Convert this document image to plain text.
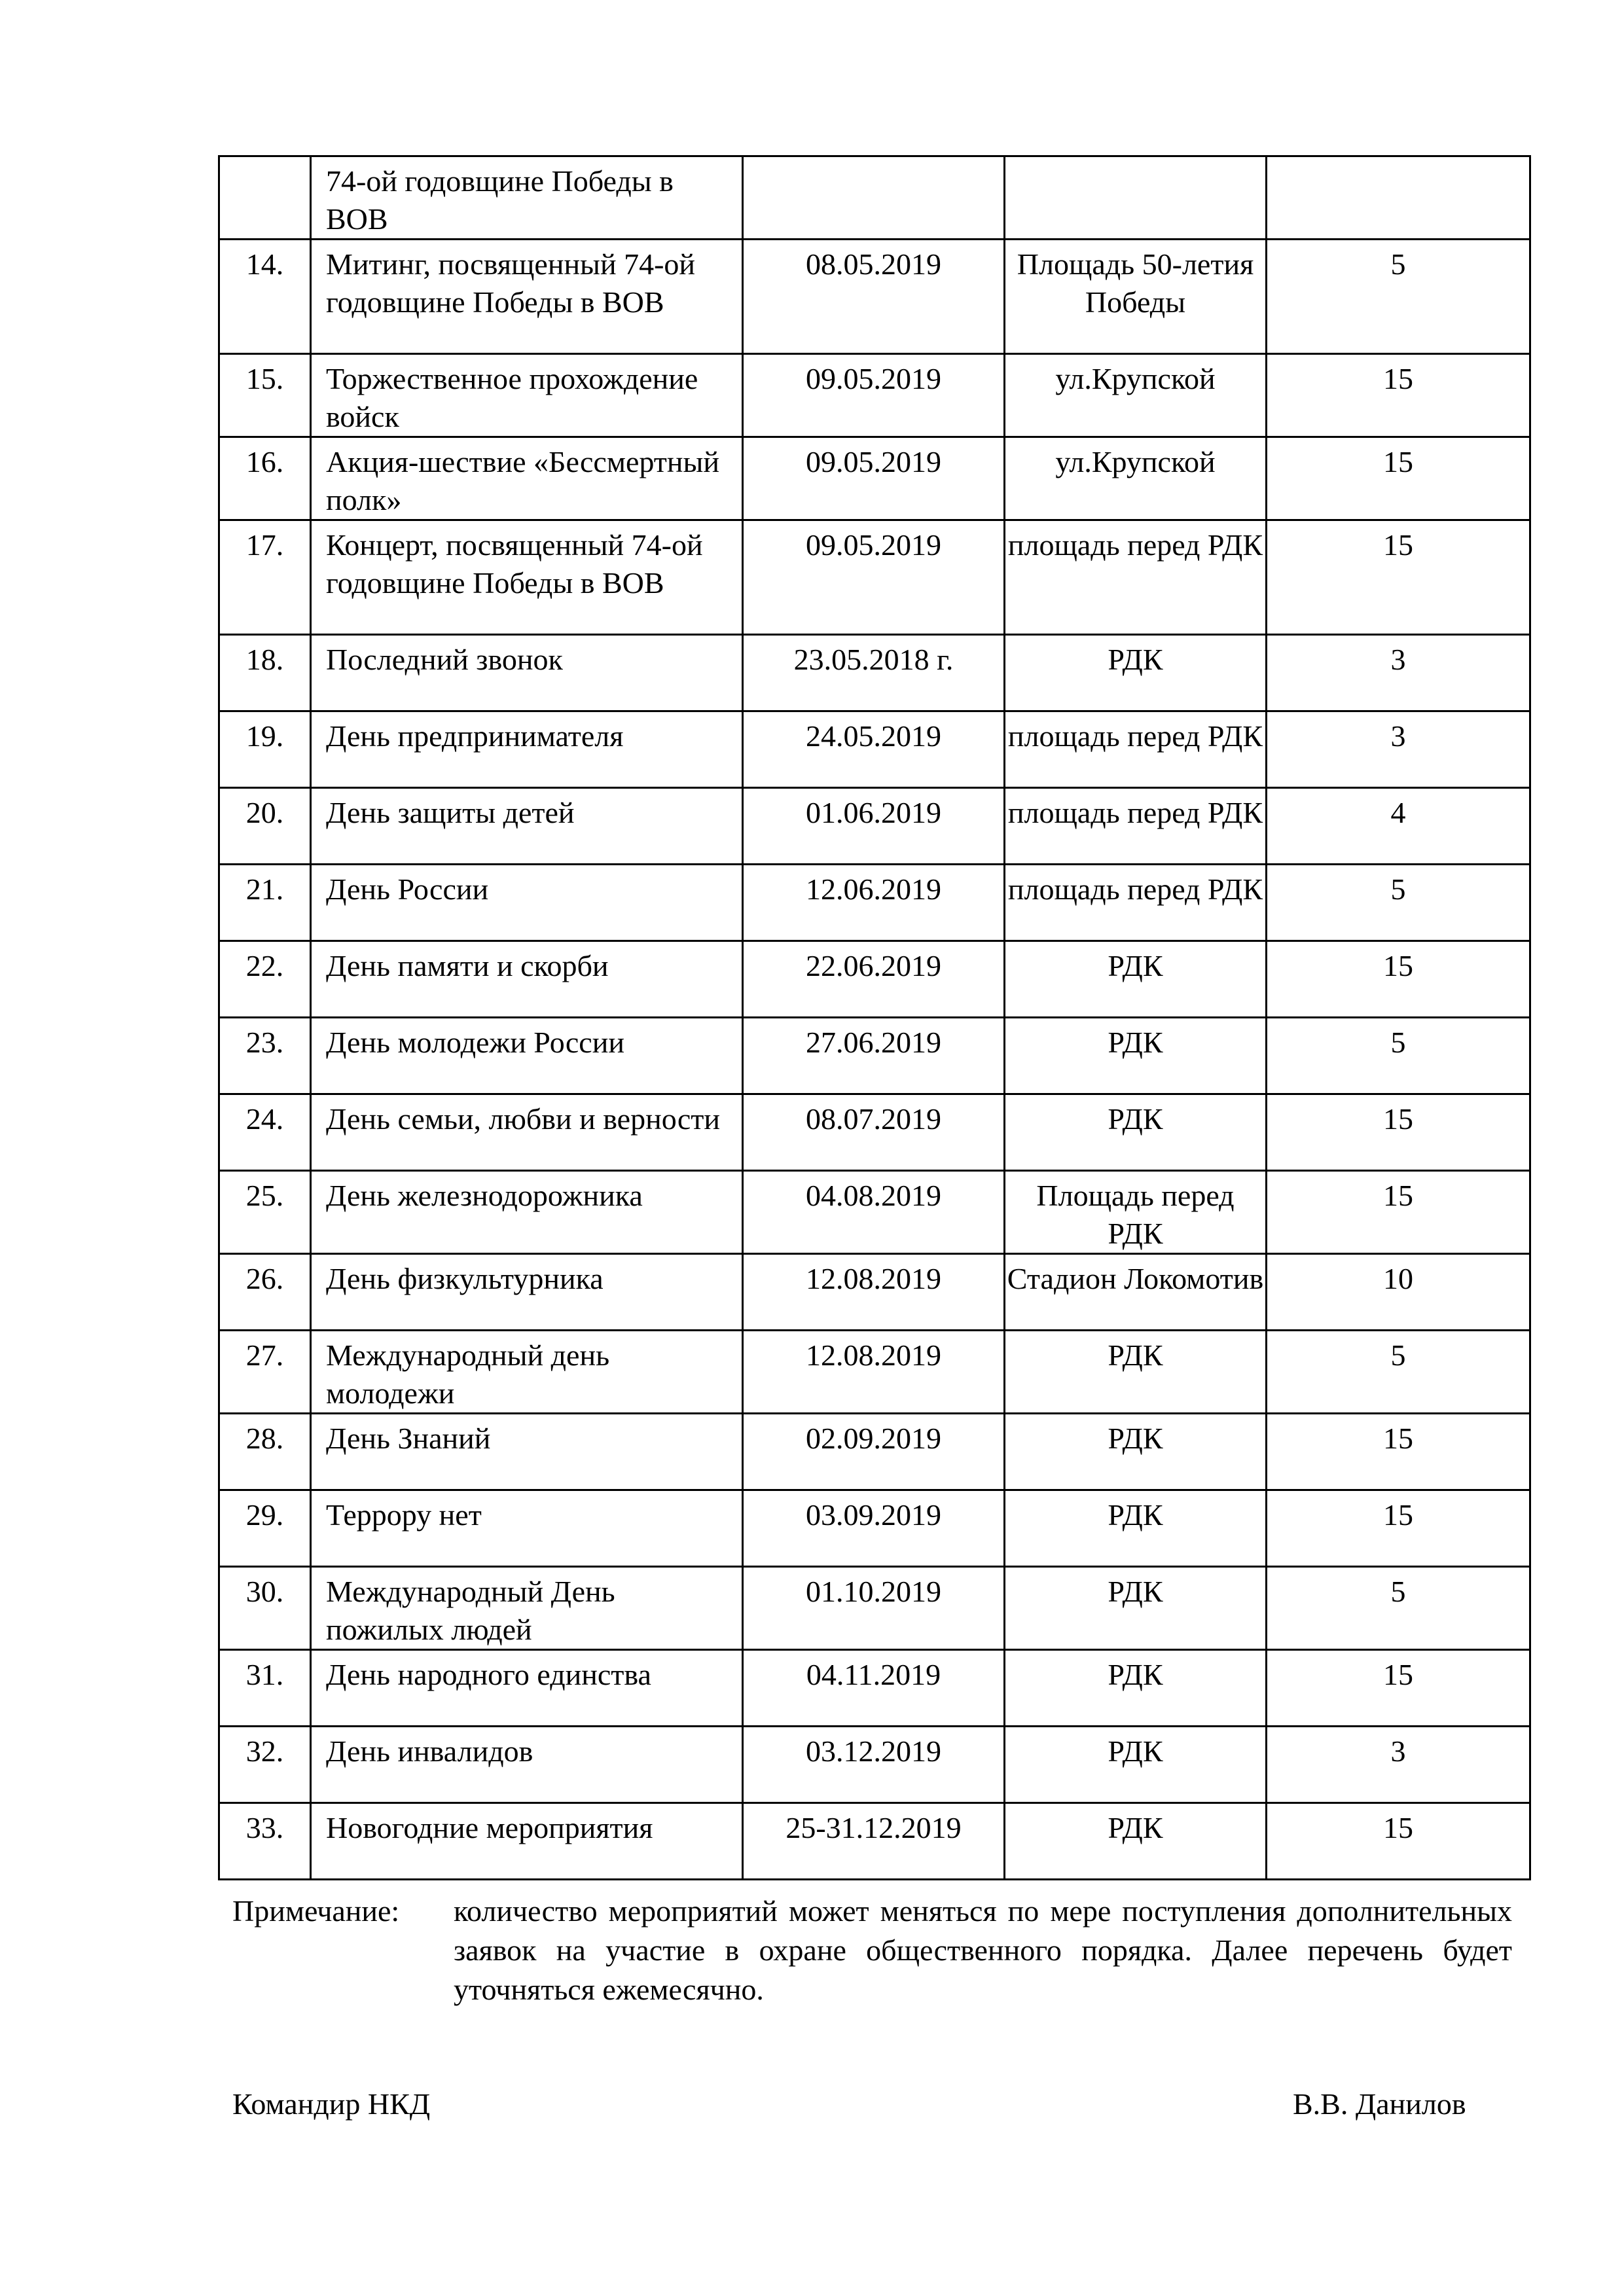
	74-ой годовщине Победы в ВОВ			
14.	Митинг, посвященный 74-ой годовщине Победы в ВОВ	08.05.2019	Площадь 50-летия Победы	5
15.	Торжественное прохождение войск	09.05.2019	ул.Крупской	15
16.	Акция-шествие «Бессмертный полк»	09.05.2019	ул.Крупской	15
17.	Концерт, посвященный 74-ой годовщине Победы в ВОВ	09.05.2019	площадь перед РДК	15
18.	Последний звонок	23.05.2018 г.	РДК	3
19.	День предпринимателя	24.05.2019	площадь перед РДК	3
20.	День защиты детей	01.06.2019	площадь перед РДК	4
21.	День России	12.06.2019	площадь перед РДК	5
22.	День памяти и скорби	22.06.2019	РДК	15
23.	День молодежи России	27.06.2019	РДК	5
24.	День семьи, любви и верности	08.07.2019	РДК	15
25.	День железнодорожника	04.08.2019	Площадь перед РДК	15
26.	День физкультурника	12.08.2019	Стадион Локомотив	10
27.	Международный день молодежи	12.08.2019	РДК	5
28.	День Знаний	02.09.2019	РДК	15
29.	Террору нет	03.09.2019	РДК	15
30.	Международный День пожилых людей	01.10.2019	РДК	5
31.	День народного единства	04.11.2019	РДК	15
32.	День инвалидов	03.12.2019	РДК	3
33.	Новогодние мероприятия	25-31.12.2019	РДК	15
Примечание: количество мероприятий может меняться по мере поступления дополнительных заявок на участие в охране общественного порядка. Далее перечень будет уточняться ежемесячно.
Командир НКД	В.В. Данилов
